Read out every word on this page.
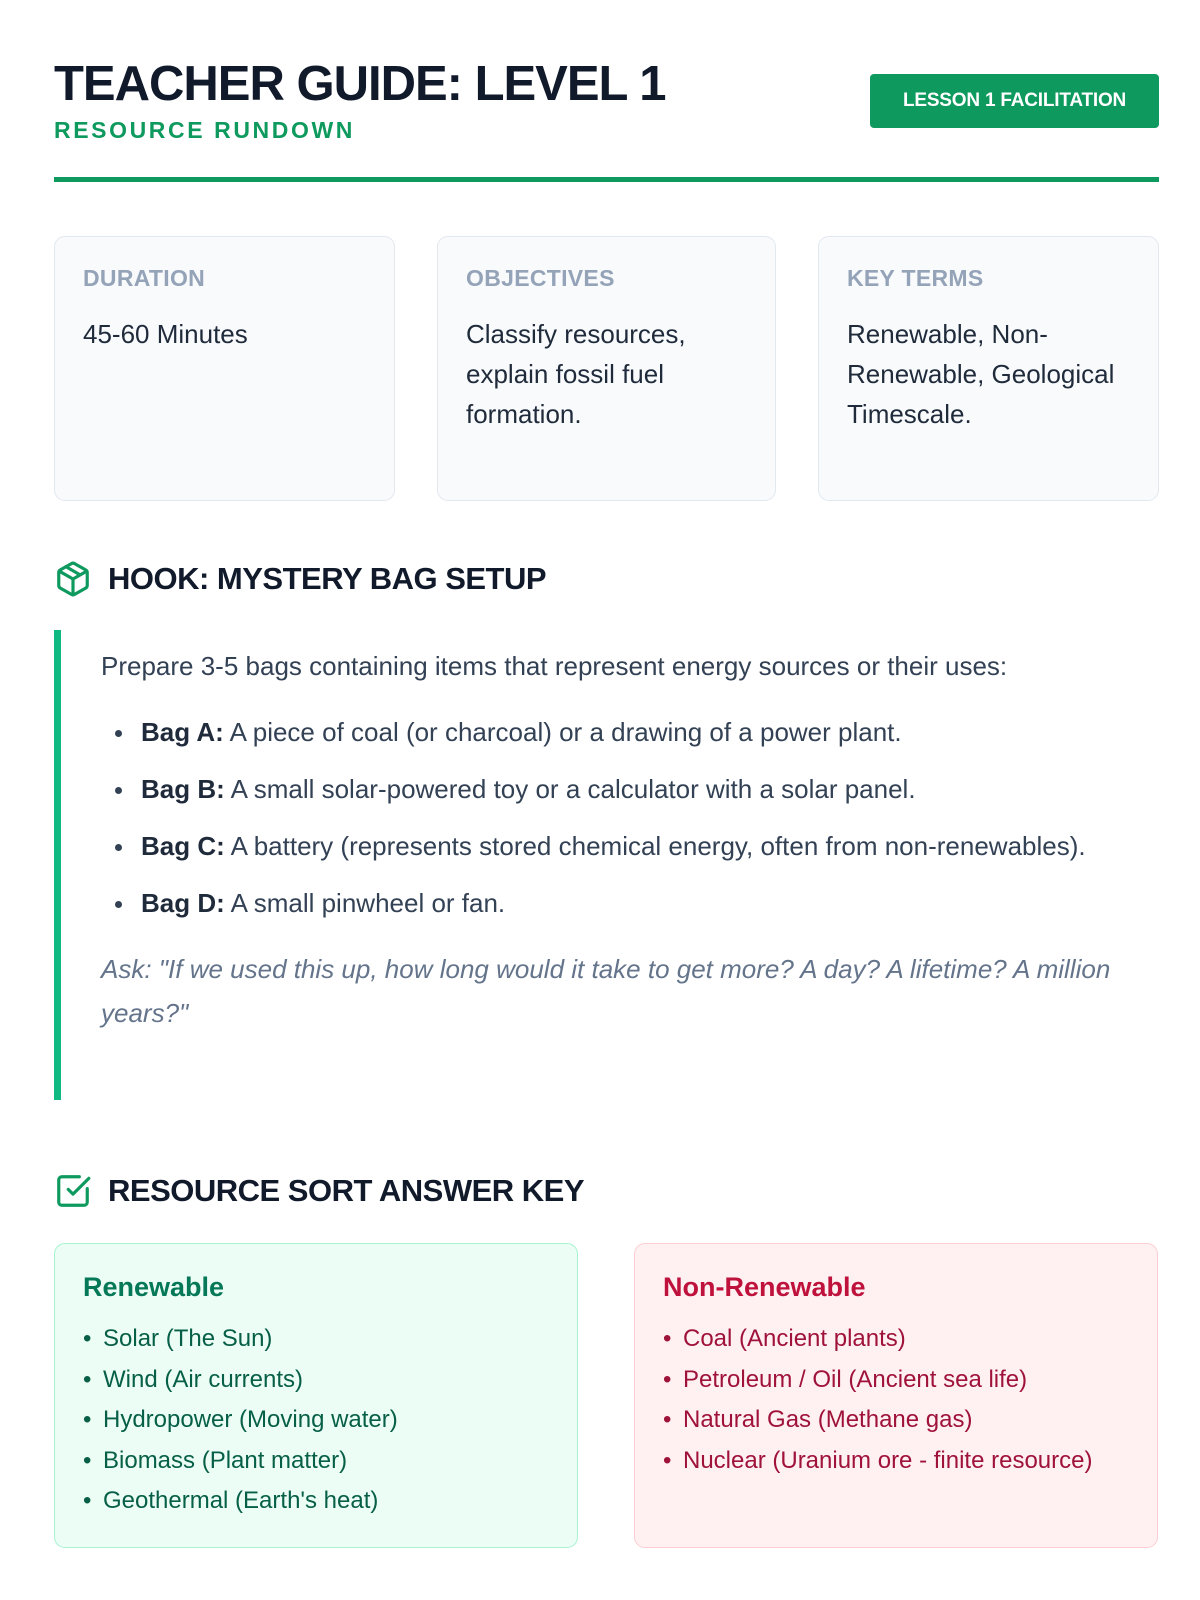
TEACHER GUIDE: LEVEL 1
RESOURCE RUNDOWN
LESSON 1 FACILITATION
DURATION
45-60 Minutes
OBJECTIVES
Classify resources, explain fossil fuel formation.
KEY TERMS
Renewable, Non-Renewable, Geological Timescale.
HOOK: MYSTERY BAG SETUP

Prepare 3-5 bags containing items that represent energy sources or their uses:

Bag A: A piece of coal (or charcoal) or a drawing of a power plant.
Bag B: A small solar-powered toy or a calculator with a solar panel.
Bag C: A battery (represents stored chemical energy, often from non-renewables).
Bag D: A small pinwheel or fan.

Ask: "If we used this up, how long would it take to get more? A day? A lifetime? A million years?"

RESOURCE SORT ANSWER KEY
Renewable
• Solar (The Sun)
• Wind (Air currents)
• Hydropower (Moving water)
• Biomass (Plant matter)
• Geothermal (Earth's heat)
Non-Renewable
• Coal (Ancient plants)
• Petroleum / Oil (Ancient sea life)
• Natural Gas (Methane gas)
• Nuclear (Uranium ore - finite resource)
